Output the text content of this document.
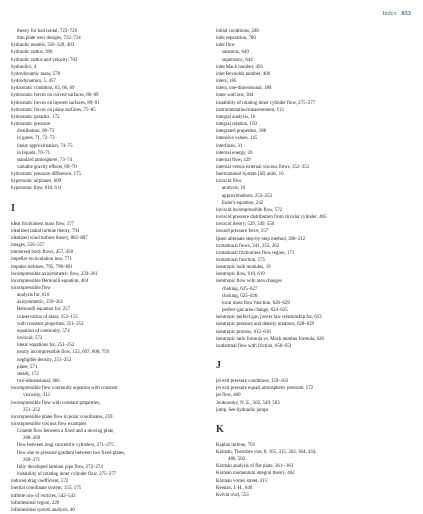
Index 853
theory for horizontal, 723–726
thin plate weir designs, 732–734
hydraulic models, 326–329, 403
hydraulic radius, 390
hydraulic radius and velocity, 702
hydraulics, 4
hydrodynamic mass, 578
hydrodynamics, 5, 457
hydrostatic condition, 65, 66, 89
hydrostatic forces on curved surfaces, 86–89
hydrostatic forces on layered surfaces, 89–91
hydrostatic forces on plane surfaces, 75–85
hydrostatic paradox, 172
hydrostatic pressure
distribution, 68–73
in gases, 71, 72–73
linear approximation, 74–75
in liquids, 70–71
standard atmosphere, 73–74
variable gravity effects, 69–70
hydrostatic pressure difference, 175
hypersonic airplanes, 609
hypersonic flow, 610, 611
I
ideal frictionless mass flow, 177
idealized radial turbine theory, 794
idealized wind turbine theory, 802–807
images, 556–557
immersed body flows, 457, 458
impeller recirculation loss, 771
impulse turbines, 795, 796–801
incompressible axisymmetric flow, 259–261
incompressible Bernoulli equation, 404
incompressible flow
analysis for, 610
axisymmetric, 259–261
Bernoulli equation for, 257
conservation of mass, 152–155
with constant properties, 251–252
equation of continuity, 574
inviscid, 572
linear equations for, 251–252
nearly incompressible flow, 152, 607, 608, 759
negligible density, 251–252
plane, 571
steady, 172
two-dimensional, 466
incompressible flow continuity equation with constant
viscosity, 312
incompressible flow with constant properties,
251–252
incompressible plane flow in polar coordinates, 259
incompressible viscous flow examples
Couette flow between a fixed and a moving plate,
268–269
flow between long concentric cylinders, 271–275
flow due to pressure gradient between two fixed plates,
269–271
fully developed laminar pipe flow, 272–274
instability of rotating inner cylinder flow, 275–277
induced drag coefficient, 572
inertial coordinate system, 155, 175
infinite row of vortices, 542–543
infinitesimal region, 229
infinitesimal system analysis, 40
initial conditions, 248
inlet separation, 780
inlet flow
subsonic, 640
supersonic, 644
inlet Mach number, 456
inlet Reynolds number, 406
inlets, 185
inlets, one-dimensional, 188
inner wall law, 364
instability of rotating inner cylinder flow, 275–277
instrumentation/measurement, 113
integral analysis, 16
integral relation, 150
integrated properties, 188
intensive values, 145
interfaces, 31
internal energy, 20
internal flow, 329
internal versus external viscous flows, 352–353
International System (SI) units, 10
inviscid flow
analysis, 16
approximations, 252–253
Euler's equation, 242
inviscid incompressible flow, 572
inviscid pressure distribution from circular cylinder, 465
inviscid theory, 529, 549, 550
inward pressure force, 157
Ipsen alternate step-by-step method, 300–312
irrotational flows, 241, 253, 262
irrotational frictionless flow region, 171
irrotational function, 575
isentropic bulk modulus, 19
isentropic flow, 610, 619
isentropic flow with area changes
choking, 625–627
choking, 625–626
local mass flow function, 626–629
perfect-gas area change, 624–625
isentropic perfect gas, power law relationship for, 613
isentropic pressure and density relations, 628–629
isentropic process, 612–616
isentropic ratio formula vs. Mach number formula, 620
isothermal flow with friction, 650–651
J
jet exit pressure conditions, 159–163
jet exit pressure equals atmospheric pressure, 172
jet flow, 460
Joukowsky, N. E., 502, 549, 563
jump. See hydraulic jumps
K
Kaplan turbine, 793
Kármán, Theodore von, 8, 165, 315, 362, 364, 434,
486, 502
Kármán analysis of flat plate, 361– 363
Kármán momentum integral theory, 462
Kármán vortex street, 315
Keenan, J. H., 640
Kelvin oval, 553
